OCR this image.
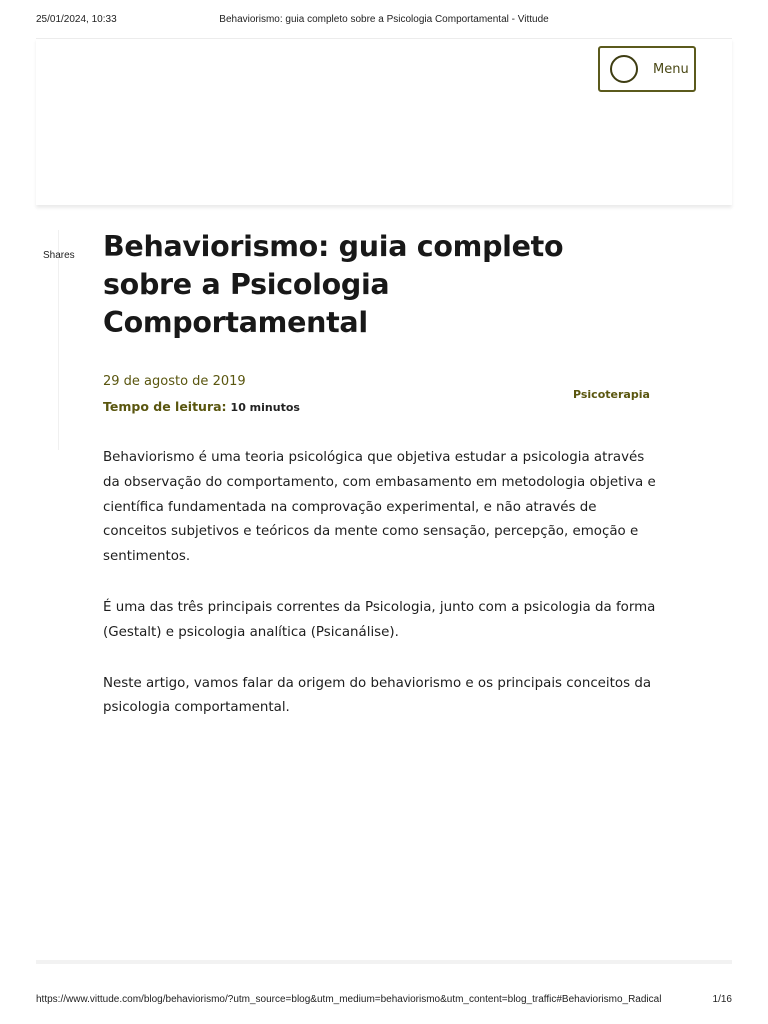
25/01/2024, 10:33	Behaviorismo: guia completo sobre a Psicologia Comportamental - Vittude
Menu
Shares Behaviorismo: guia completo sobre a Psicologia Comportamental
29 de agosto de 2019
Tempo de leitura: 10 minutos
Psicoterapia

Behaviorismo é uma teoria psicológica que objetiva estudar a psicologia através da observação do comportamento, com embasamento em metodologia objetiva e científica fundamentada na comprovação experimental, e não através de conceitos subjetivos e teóricos da mente como sensação, percepção, emoção e sentimentos.

É uma das três principais correntes da Psicologia, junto com a psicologia da forma (Gestalt) e psicologia analítica (Psicanálise).

Neste artigo, vamos falar da origem do behaviorismo e os principais conceitos da psicologia comportamental.

https://www.vittude.com/blog/behaviorismo/?utm_source=blog&utm_medium=behaviorismo&utm_content=blog_traffic#Behaviorismo_Radical	1/16
